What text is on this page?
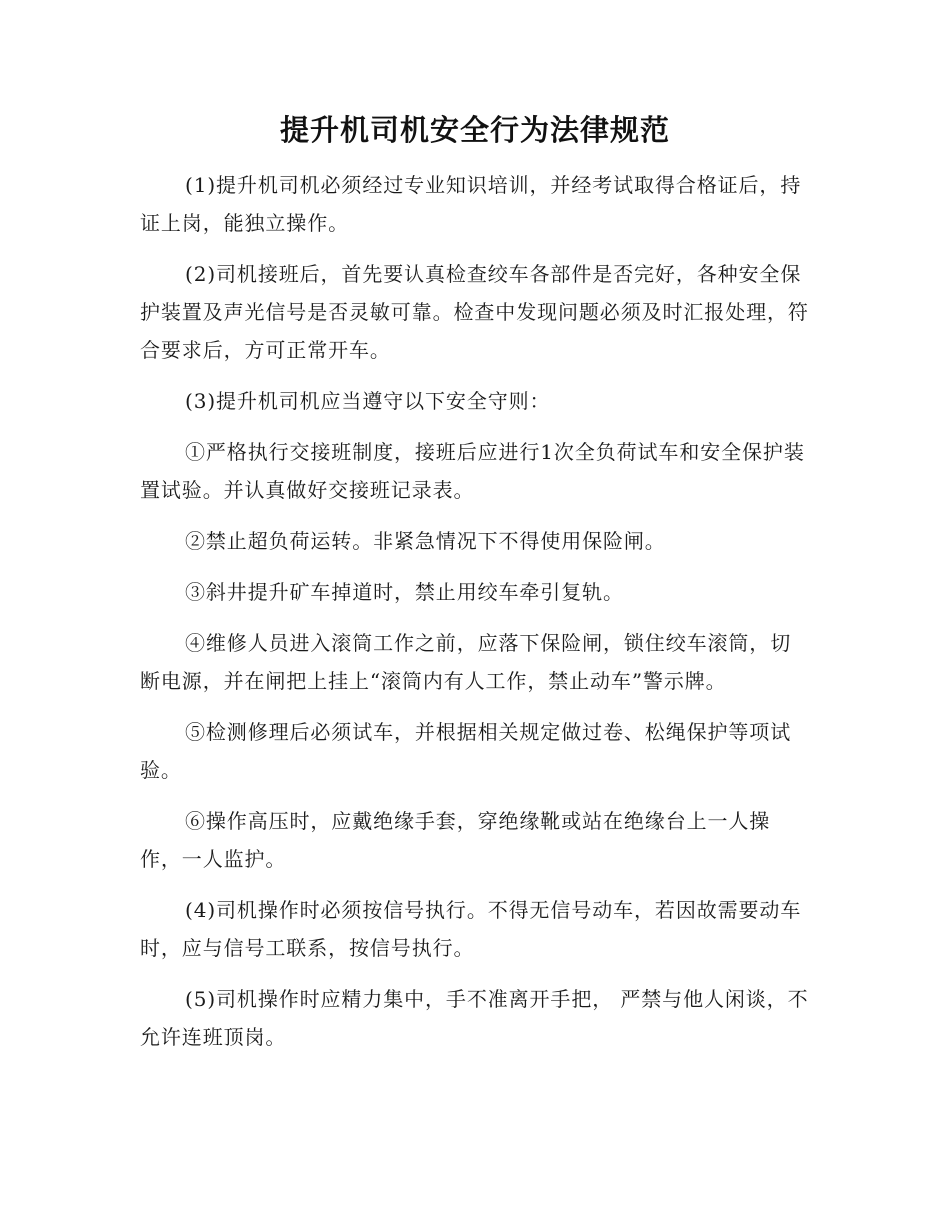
提升机司机安全行为法律规范

(1)提升机司机必须经过专业知识培训，并经考试取得合格证后，持证上岗，能独立操作。

(2)司机接班后，首先要认真检查绞车各部件是否完好，各种安全保护装置及声光信号是否灵敏可靠。检查中发现问题必须及时汇报处理，符合要求后，方可正常开车。

(3)提升机司机应当遵守以下安全守则：

①严格执行交接班制度，接班后应进行1次全负荷试车和安全保护装置试验。并认真做好交接班记录表。

②禁止超负荷运转。非紧急情况下不得使用保险闸。

③斜井提升矿车掉道时，禁止用绞车牵引复轨。

④维修人员进入滚筒工作之前，应落下保险闸，锁住绞车滚筒，切断电源，并在闸把上挂上“滚筒内有人工作，禁止动车”警示牌。

⑤检测修理后必须试车，并根据相关规定做过卷、松绳保护等项试验。

⑥操作高压时，应戴绝缘手套，穿绝缘靴或站在绝缘台上一人操作，一人监护。

(4)司机操作时必须按信号执行。不得无信号动车，若因故需要动车时，应与信号工联系，按信号执行。

(5)司机操作时应精力集中，手不准离开手把， 严禁与他人闲谈，不允许连班顶岗。
